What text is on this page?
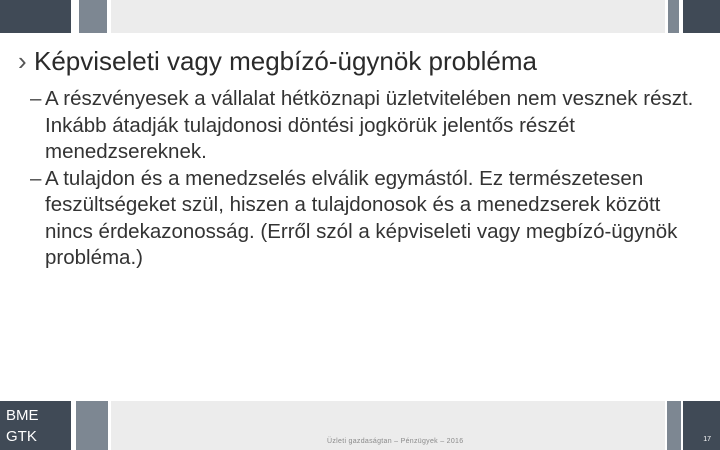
› Képviseleti vagy megbízó-ügynök probléma
– A részvényesek a vállalat hétköznapi üzletvitelében nem vesznek részt. Inkább átadják tulajdonosi döntési jogkörük jelentős részét menedzsereknek.
– A tulajdon és a menedzselés elválik egymástól. Ez természetesen feszültségeket szül, hiszen a tulajdonosok és a menedzserek között nincs érdekazonosság. (Erről szól a képviseleti vagy megbízó-ügynök probléma.)
BME
GTK	Üzleti gazdaságtan – Pénzügyek – 2016	17
